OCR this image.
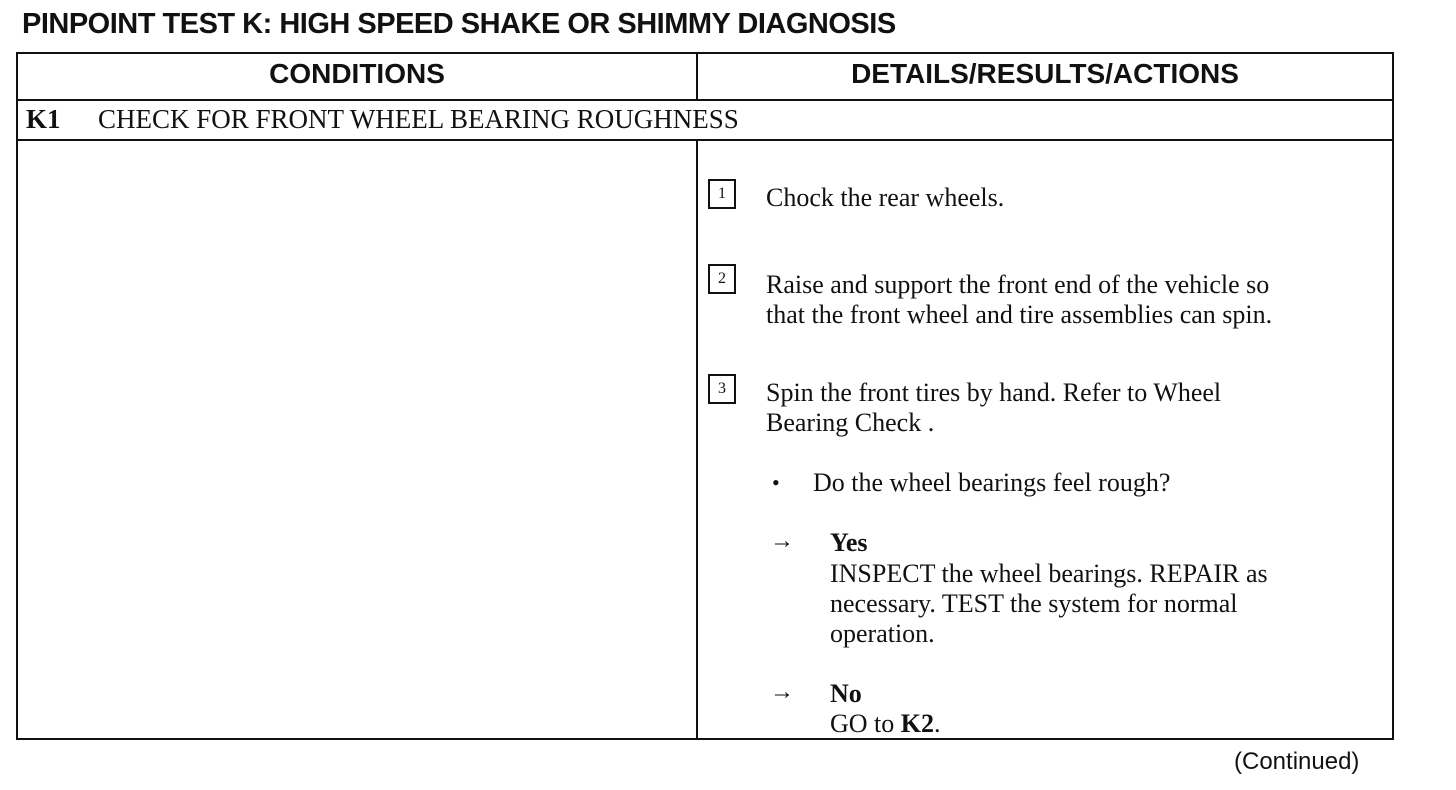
PINPOINT TEST K: HIGH SPEED SHAKE OR SHIMMY DIAGNOSIS
CONDITIONS	DETAILS/RESULTS/ACTIONS
K1 CHECK FOR FRONT WHEEL BEARING ROUGHNESS
1	Chock the rear wheels.
2	Raise and support the front end of the vehicle so
that the front wheel and tire assemblies can spin.
3	Spin the front tires by hand. Refer to Wheel
Bearing Check .
• Do the wheel bearings feel rough?
→ Yes
INSPECT the wheel bearings. REPAIR as
necessary. TEST the system for normal
operation.
→ No
GO to K2.
(Continued)
